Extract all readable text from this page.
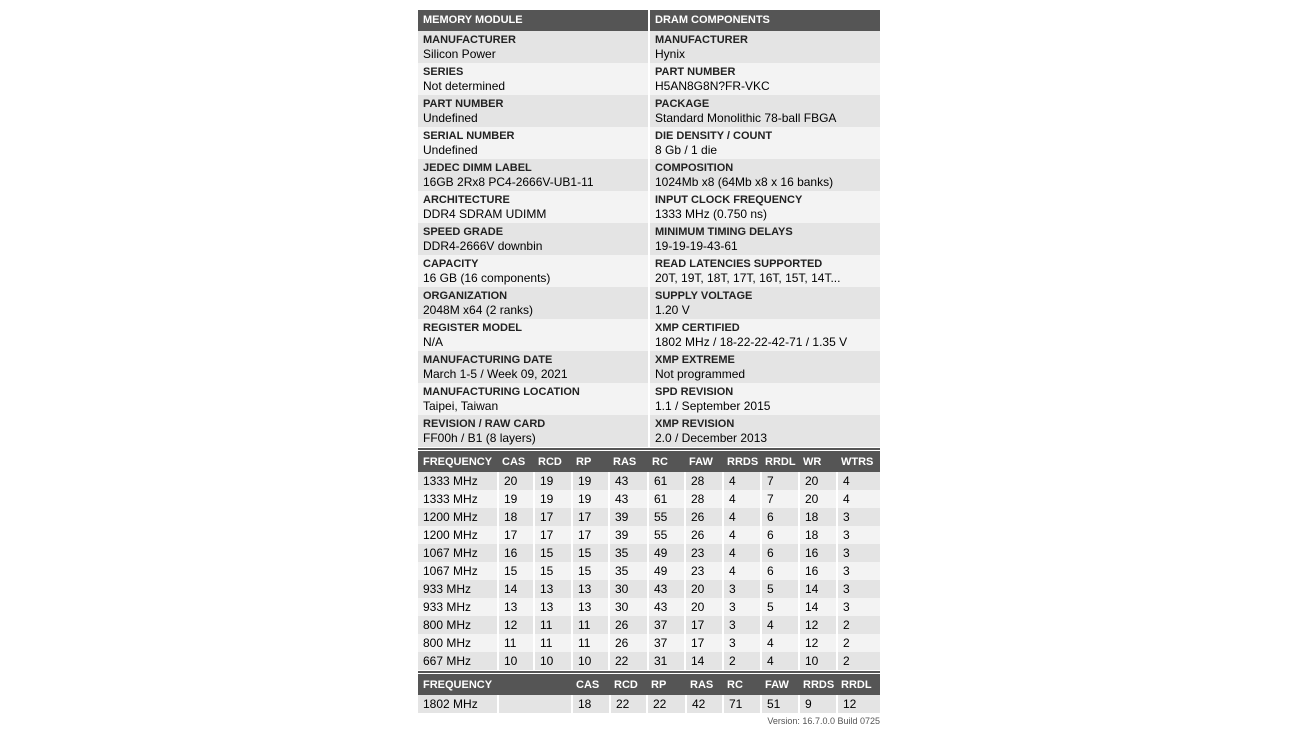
MEMORY MODULE
MANUFACTURER
Silicon Power
SERIES
Not determined
PART NUMBER
Undefined
SERIAL NUMBER
Undefined
JEDEC DIMM LABEL
16GB 2Rx8 PC4-2666V-UB1-11
ARCHITECTURE
DDR4 SDRAM UDIMM
SPEED GRADE
DDR4-2666V downbin
CAPACITY
16 GB (16 components)
ORGANIZATION
2048M x64 (2 ranks)
REGISTER MODEL
N/A
MANUFACTURING DATE
March 1-5 / Week 09, 2021
MANUFACTURING LOCATION
Taipei, Taiwan
REVISION / RAW CARD
FF00h / B1 (8 layers)
DRAM COMPONENTS
MANUFACTURER
Hynix
PART NUMBER
H5AN8G8N?FR-VKC
PACKAGE
Standard Monolithic 78-ball FBGA
DIE DENSITY / COUNT
8 Gb / 1 die
COMPOSITION
1024Mb x8 (64Mb x8 x 16 banks)
INPUT CLOCK FREQUENCY
1333 MHz (0.750 ns)
MINIMUM TIMING DELAYS
19-19-19-43-61
READ LATENCIES SUPPORTED
20T, 19T, 18T, 17T, 16T, 15T, 14T...
SUPPLY VOLTAGE
1.20 V
XMP CERTIFIED
1802 MHz / 18-22-22-42-71 / 1.35 V
XMP EXTREME
Not programmed
SPD REVISION
1.1 / September 2015
XMP REVISION
2.0 / December 2013
FREQUENCY	CAS	RCD	RP	RAS	RC	FAW	RRDS	RRDL	WR	WTRS
1333 MHz	20	19	19	43	61	28	4	7	20	4
1333 MHz	19	19	19	43	61	28	4	7	20	4
1200 MHz	18	17	17	39	55	26	4	6	18	3
1200 MHz	17	17	17	39	55	26	4	6	18	3
1067 MHz	16	15	15	35	49	23	4	6	16	3
1067 MHz	15	15	15	35	49	23	4	6	16	3
933 MHz	14	13	13	30	43	20	3	5	14	3
933 MHz	13	13	13	30	43	20	3	5	14	3
800 MHz	12	11	11	26	37	17	3	4	12	2
800 MHz	11	11	11	26	37	17	3	4	12	2
667 MHz	10	10	10	22	31	14	2	4	10	2
FREQUENCY		CAS	RCD	RP	RAS	RC	FAW	RRDS	RRDL
1802 MHz		18	22	22	42	71	51	9	12
Version: 16.7.0.0 Build 0725
